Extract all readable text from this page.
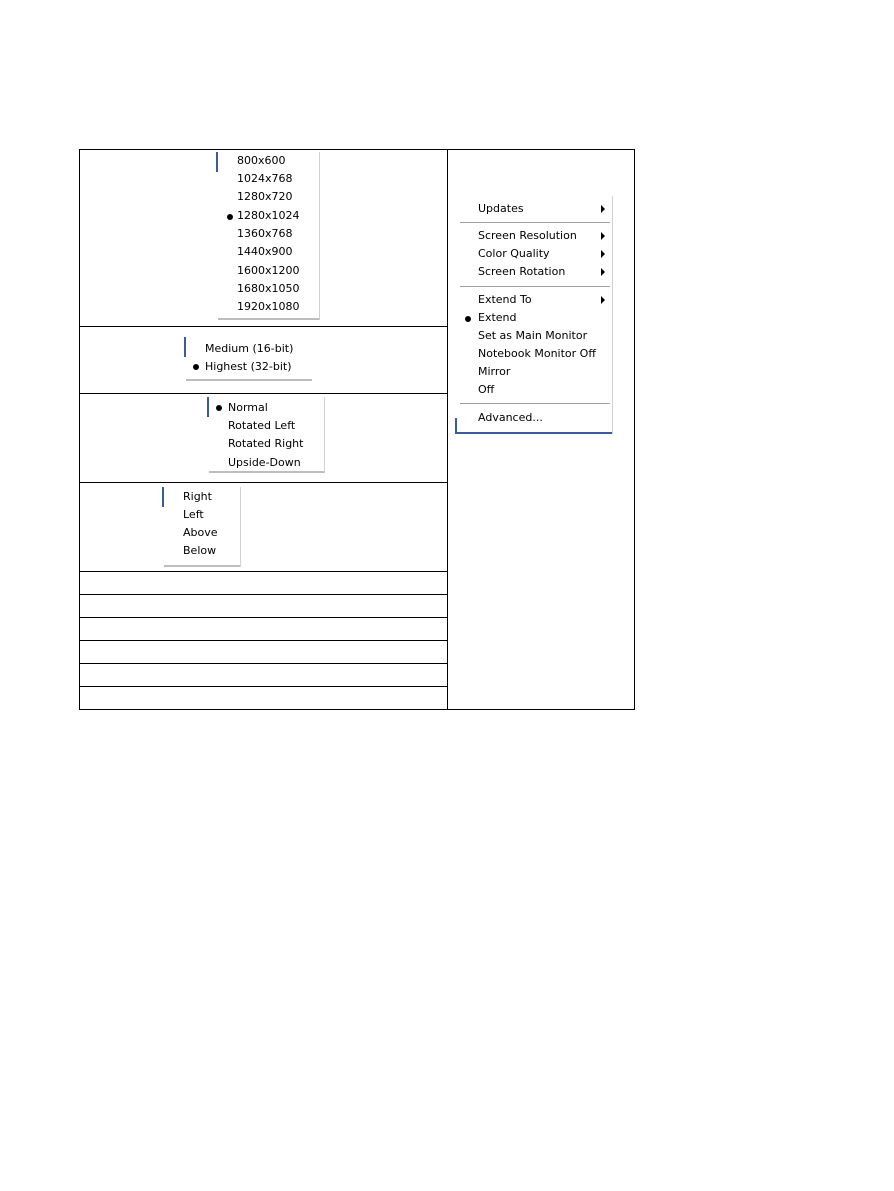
800x600
1024x768
1280x720
1280x1024
1360x768
1440x900
1600x1200
1680x1050
1920x1080
Medium (16-bit)
Highest (32-bit)
Normal
Rotated Left
Rotated Right
Upside-Down
Right
Left
Above
Below
Updates
Screen Resolution
Color Quality
Screen Rotation
Extend To
Extend
Set as Main Monitor
Notebook Monitor Off
Mirror
Off
Advanced...
